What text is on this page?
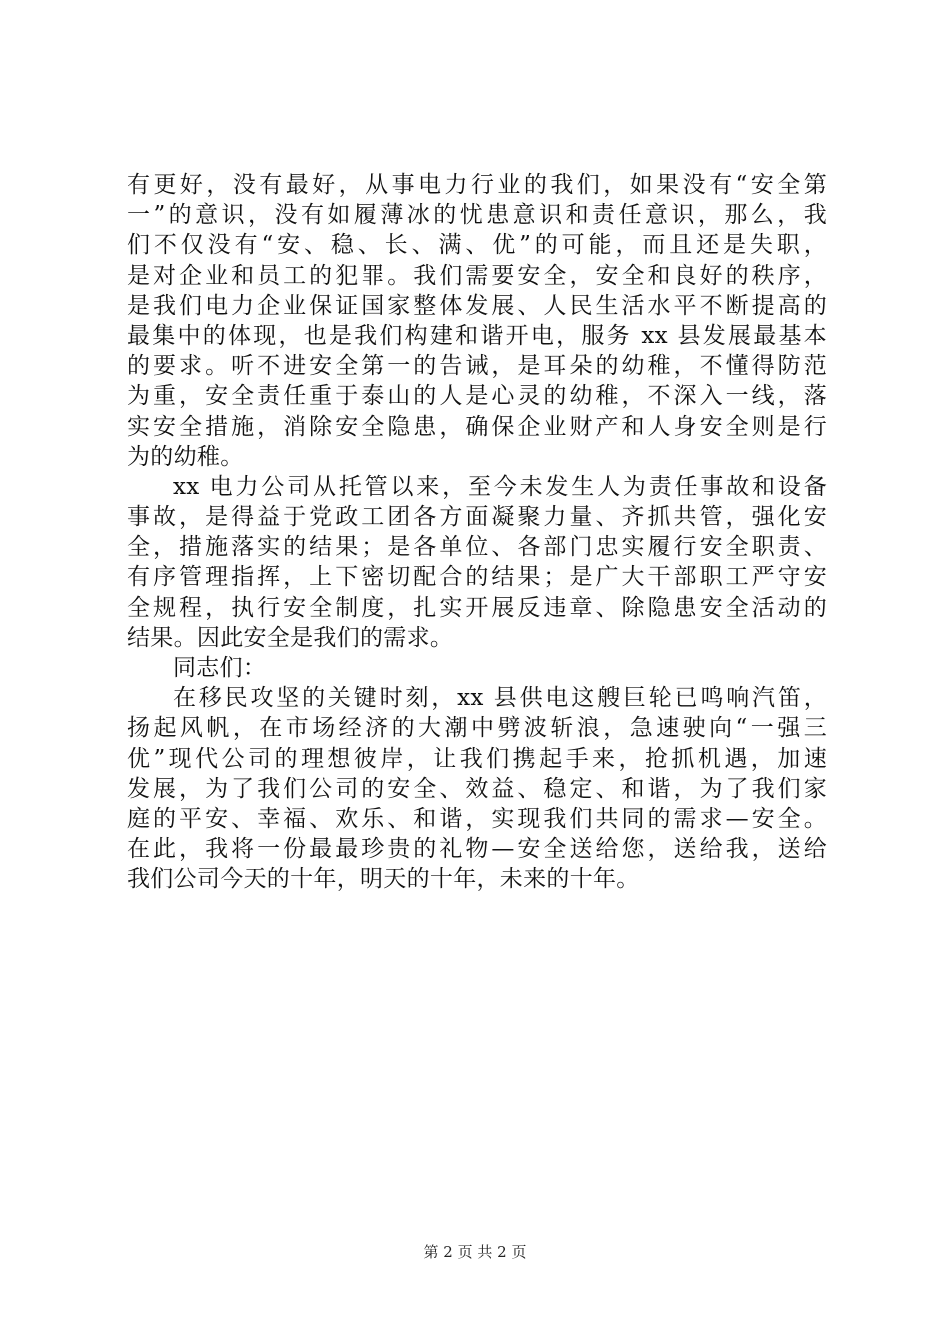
有更好，没有最好，从事电力行业的我们，如果没有“安全第
一”的意识，没有如履薄冰的忧患意识和责任意识，那么，我
们不仅没有“安、稳、长、满、优”的可能，而且还是失职，
是对企业和员工的犯罪。我们需要安全，安全和良好的秩序，
是我们电力企业保证国家整体发展、人民生活水平不断提高的
最集中的体现，也是我们构建和谐开电，服务 xx 县发展最基本
的要求。听不进安全第一的告诫，是耳朵的幼稚，不懂得防范
为重，安全责任重于泰山的人是心灵的幼稚，不深入一线，落
实安全措施，消除安全隐患，确保企业财产和人身安全则是行
为的幼稚。
xx 电力公司从托管以来，至今未发生人为责任事故和设备
事故，是得益于党政工团各方面凝聚力量、齐抓共管，强化安
全，措施落实的结果；是各单位、各部门忠实履行安全职责、
有序管理指挥，上下密切配合的结果；是广大干部职工严守安
全规程，执行安全制度，扎实开展反违章、除隐患安全活动的
结果。因此安全是我们的需求。
同志们：
在移民攻坚的关键时刻，xx 县供电这艘巨轮已鸣响汽笛，
扬起风帆，在市场经济的大潮中劈波斩浪，急速驶向“一强三
优”现代公司的理想彼岸，让我们携起手来，抢抓机遇，加速
发展，为了我们公司的安全、效益、稳定、和谐，为了我们家
庭的平安、幸福、欢乐、和谐，实现我们共同的需求—安全。
在此，我将一份最最珍贵的礼物—安全送给您，送给我，送给
我们公司今天的十年，明天的十年，未来的十年。
第 2 页 共 2 页
